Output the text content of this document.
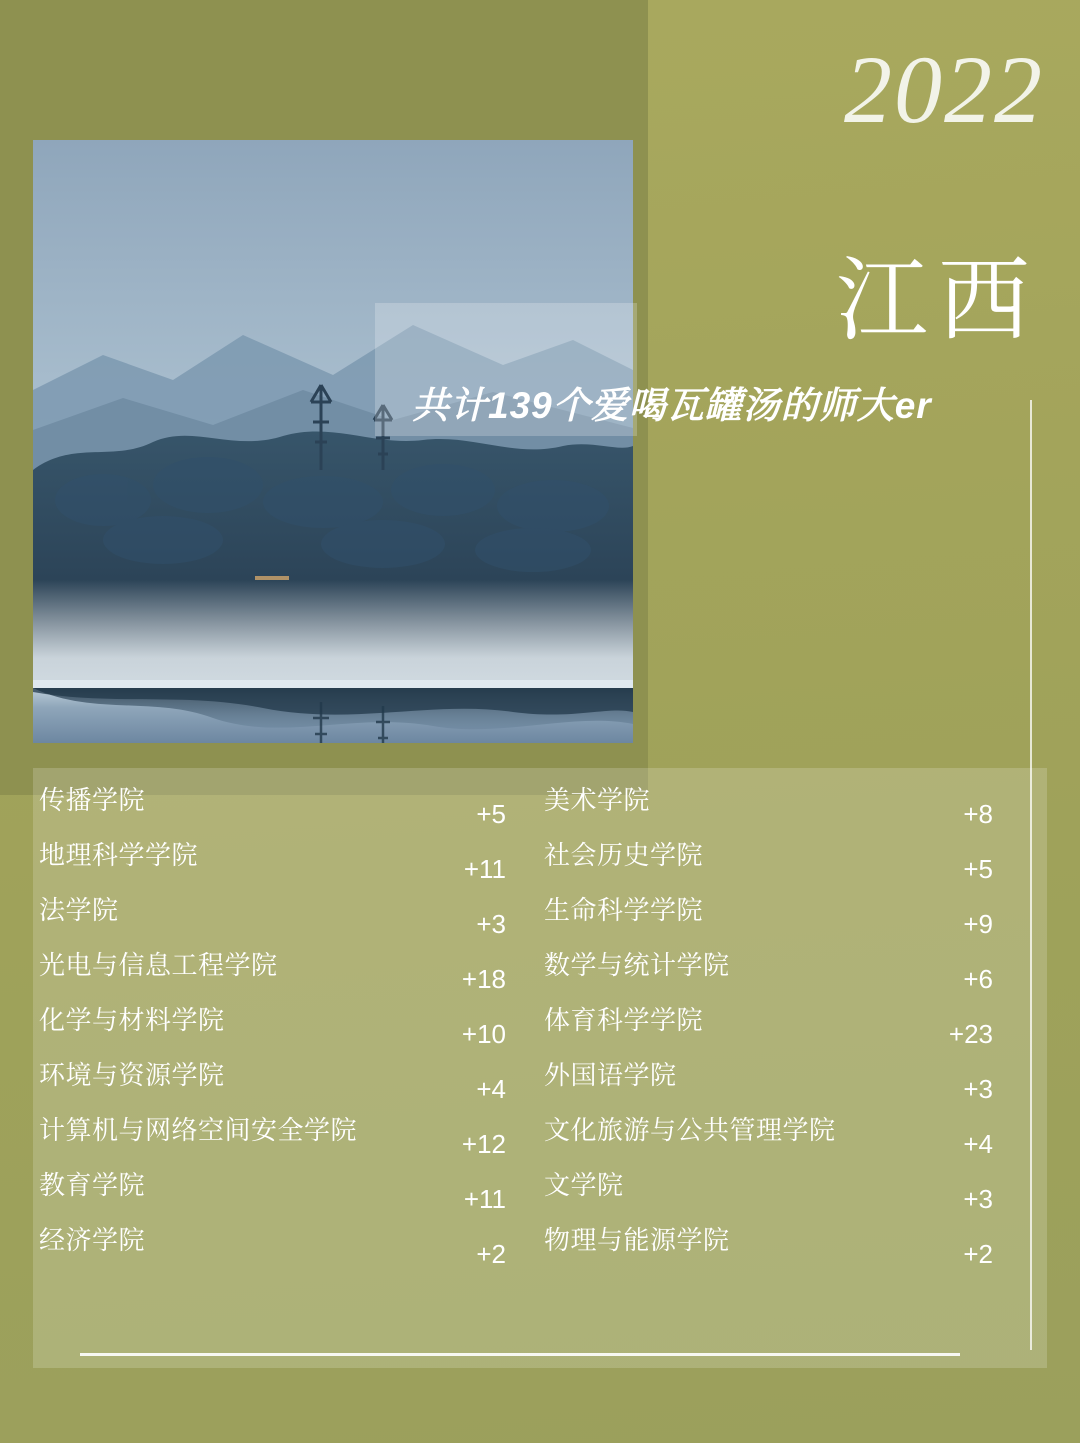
2022
江西
共计139个爱喝瓦罐汤的师大er
传播学院	+5
地理科学学院	+11
法学院	+3
光电与信息工程学院	+18
化学与材料学院	+10
环境与资源学院	+4
计算机与网络空间安全学院	+12
教育学院	+11
经济学院	+2
美术学院	+8
社会历史学院	+5
生命科学学院	+9
数学与统计学院	+6
体育科学学院	+23
外国语学院	+3
文化旅游与公共管理学院	+4
文学院	+3
物理与能源学院	+2
